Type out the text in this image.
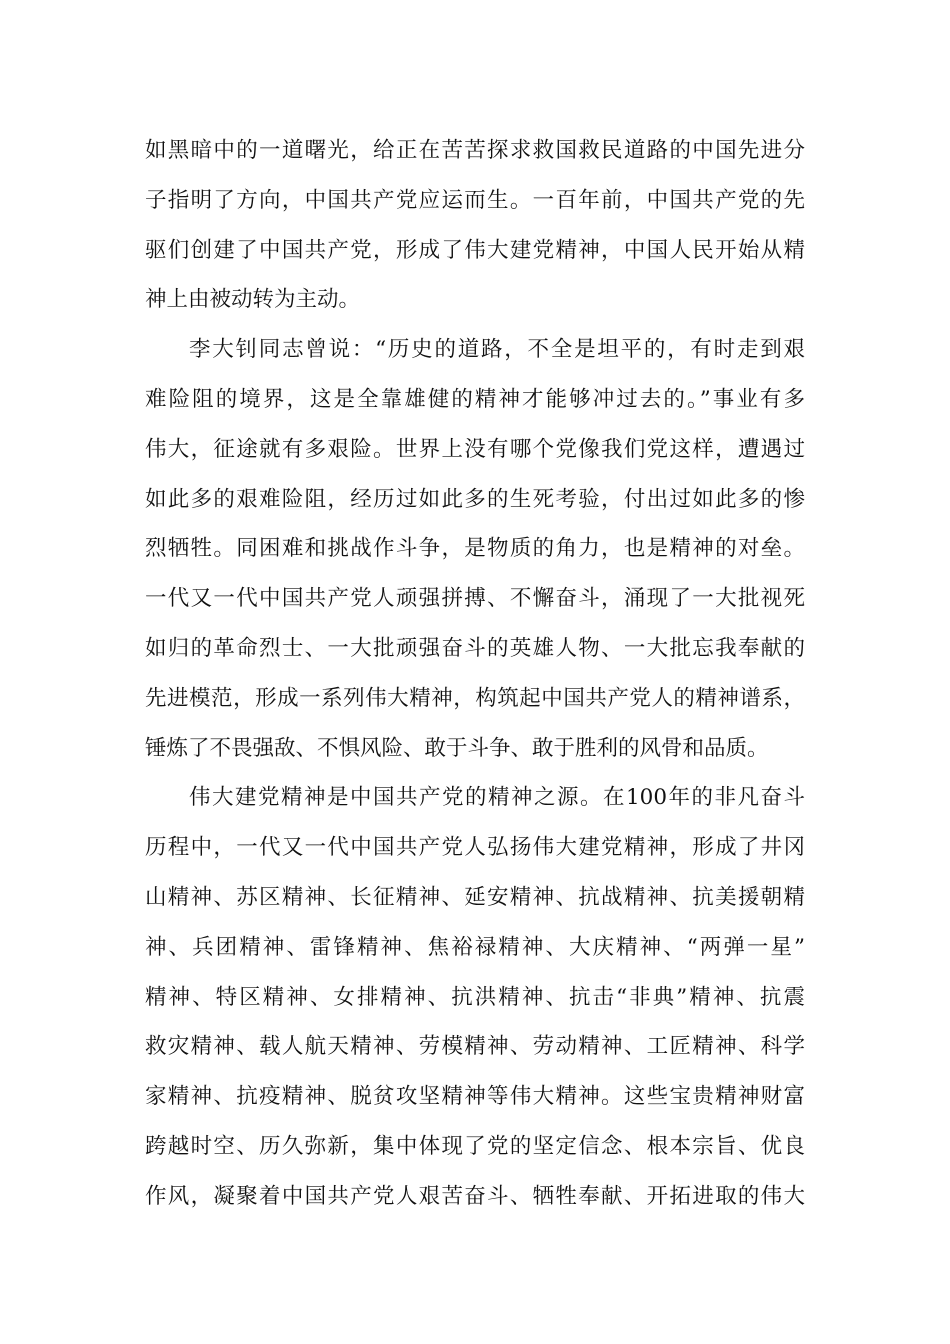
如黑暗中的一道曙光，给正在苦苦探求救国救民道路的中国先进分
子指明了方向，中国共产党应运而生。一百年前，中国共产党的先
驱们创建了中国共产党，形成了伟大建党精神，中国人民开始从精
神上由被动转为主动。
李大钊同志曾说：“历史的道路，不全是坦平的，有时走到艰
难险阻的境界，这是全靠雄健的精神才能够冲过去的。”事业有多
伟大，征途就有多艰险。世界上没有哪个党像我们党这样，遭遇过
如此多的艰难险阻，经历过如此多的生死考验，付出过如此多的惨
烈牺牲。同困难和挑战作斗争，是物质的角力，也是精神的对垒。
一代又一代中国共产党人顽强拼搏、不懈奋斗，涌现了一大批视死
如归的革命烈士、一大批顽强奋斗的英雄人物、一大批忘我奉献的
先进模范，形成一系列伟大精神，构筑起中国共产党人的精神谱系，
锤炼了不畏强敌、不惧风险、敢于斗争、敢于胜利的风骨和品质。
伟大建党精神是中国共产党的精神之源。在100年的非凡奋斗
历程中，一代又一代中国共产党人弘扬伟大建党精神，形成了井冈
山精神、苏区精神、长征精神、延安精神、抗战精神、抗美援朝精
神、兵团精神、雷锋精神、焦裕禄精神、大庆精神、“两弹一星”
精神、特区精神、女排精神、抗洪精神、抗击“非典”精神、抗震
救灾精神、载人航天精神、劳模精神、劳动精神、工匠精神、科学
家精神、抗疫精神、脱贫攻坚精神等伟大精神。这些宝贵精神财富
跨越时空、历久弥新，集中体现了党的坚定信念、根本宗旨、优良
作风，凝聚着中国共产党人艰苦奋斗、牺牲奉献、开拓进取的伟大
